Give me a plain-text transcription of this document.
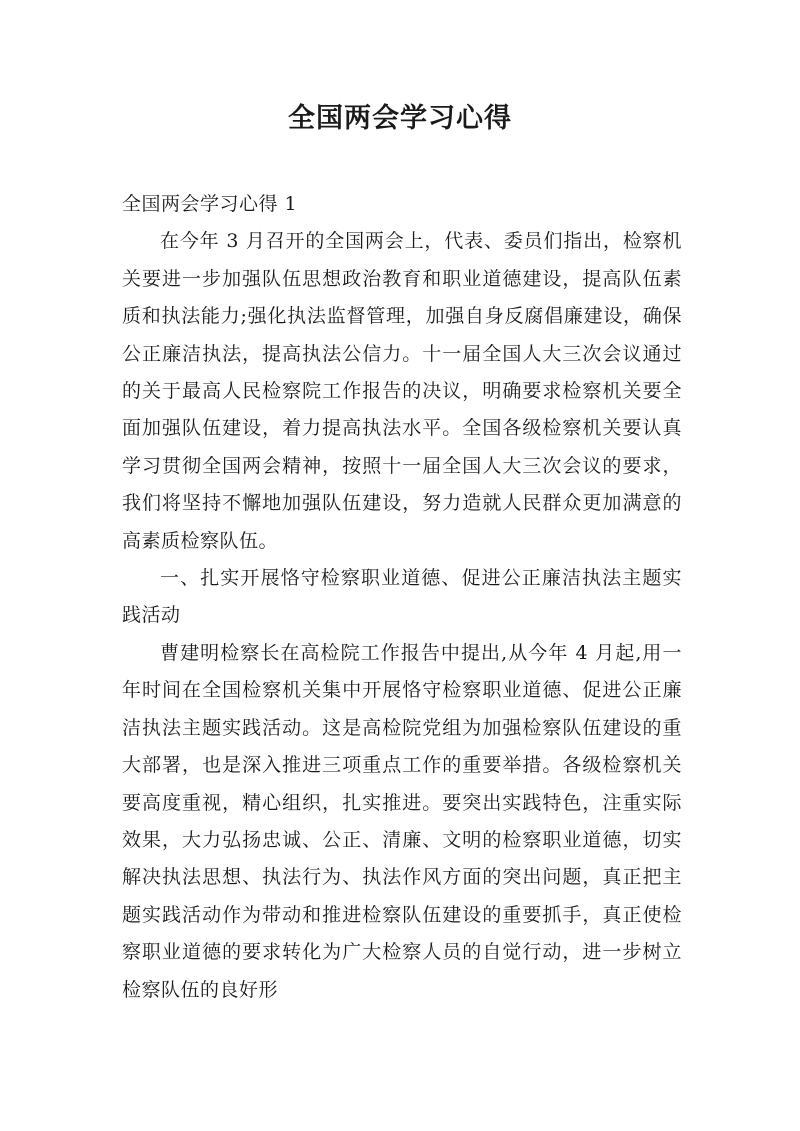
全国两会学习心得

全国两会学习心得 1

在今年 3 月召开的全国两会上，代表、委员们指出，检察机关要进一步加强队伍思想政治教育和职业道德建设，提高队伍素质和执法能力;强化执法监督管理，加强自身反腐倡廉建设，确保公正廉洁执法，提高执法公信力。十一届全国人大三次会议通过的关于最高人民检察院工作报告的决议，明确要求检察机关要全面加强队伍建设，着力提高执法水平。全国各级检察机关要认真学习贯彻全国两会精神，按照十一届全国人大三次会议的要求，我们将坚持不懈地加强队伍建设，努力造就人民群众更加满意的高素质检察队伍。

一、扎实开展恪守检察职业道德、促进公正廉洁执法主题实践活动

曹建明检察长在高检院工作报告中提出,从今年 4 月起,用一年时间在全国检察机关集中开展恪守检察职业道德、促进公正廉洁执法主题实践活动。这是高检院党组为加强检察队伍建设的重大部署，也是深入推进三项重点工作的重要举措。各级检察机关要高度重视，精心组织，扎实推进。要突出实践特色，注重实际效果，大力弘扬忠诚、公正、清廉、文明的检察职业道德，切实解决执法思想、执法行为、执法作风方面的突出问题，真正把主题实践活动作为带动和推进检察队伍建设的重要抓手，真正使检察职业道德的要求转化为广大检察人员的自觉行动，进一步树立检察队伍的良好形
